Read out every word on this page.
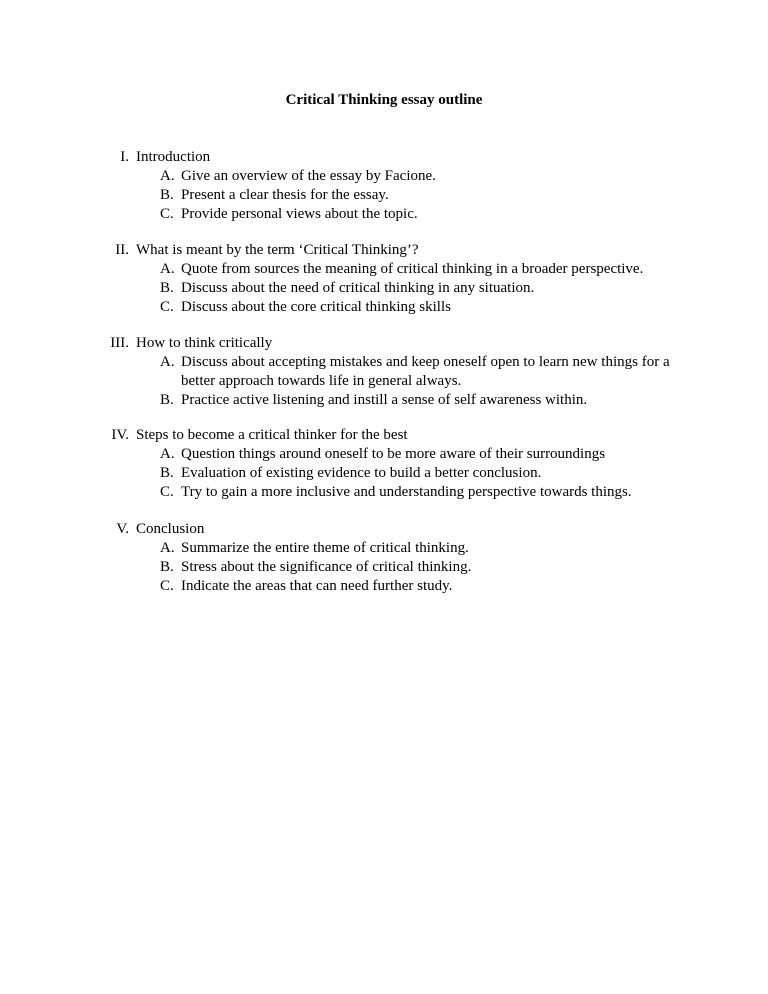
Critical Thinking essay outline
I. Introduction
A. Give an overview of the essay by Facione.
B. Present a clear thesis for the essay.
C. Provide personal views about the topic.
II. What is meant by the term ‘Critical Thinking’?
A. Quote from sources the meaning of critical thinking in a broader perspective.
B. Discuss about the need of critical thinking in any situation.
C. Discuss about the core critical thinking skills
III. How to think critically
A. Discuss about accepting mistakes and keep oneself open to learn new things for a better approach towards life in general always.
B. Practice active listening and instill a sense of self awareness within.
IV. Steps to become a critical thinker for the best
A. Question things around oneself to be more aware of their surroundings
B. Evaluation of existing evidence to build a better conclusion.
C. Try to gain a more inclusive and understanding perspective towards things.
V. Conclusion
A. Summarize the entire theme of critical thinking.
B. Stress about the significance of critical thinking.
C. Indicate the areas that can need further study.
